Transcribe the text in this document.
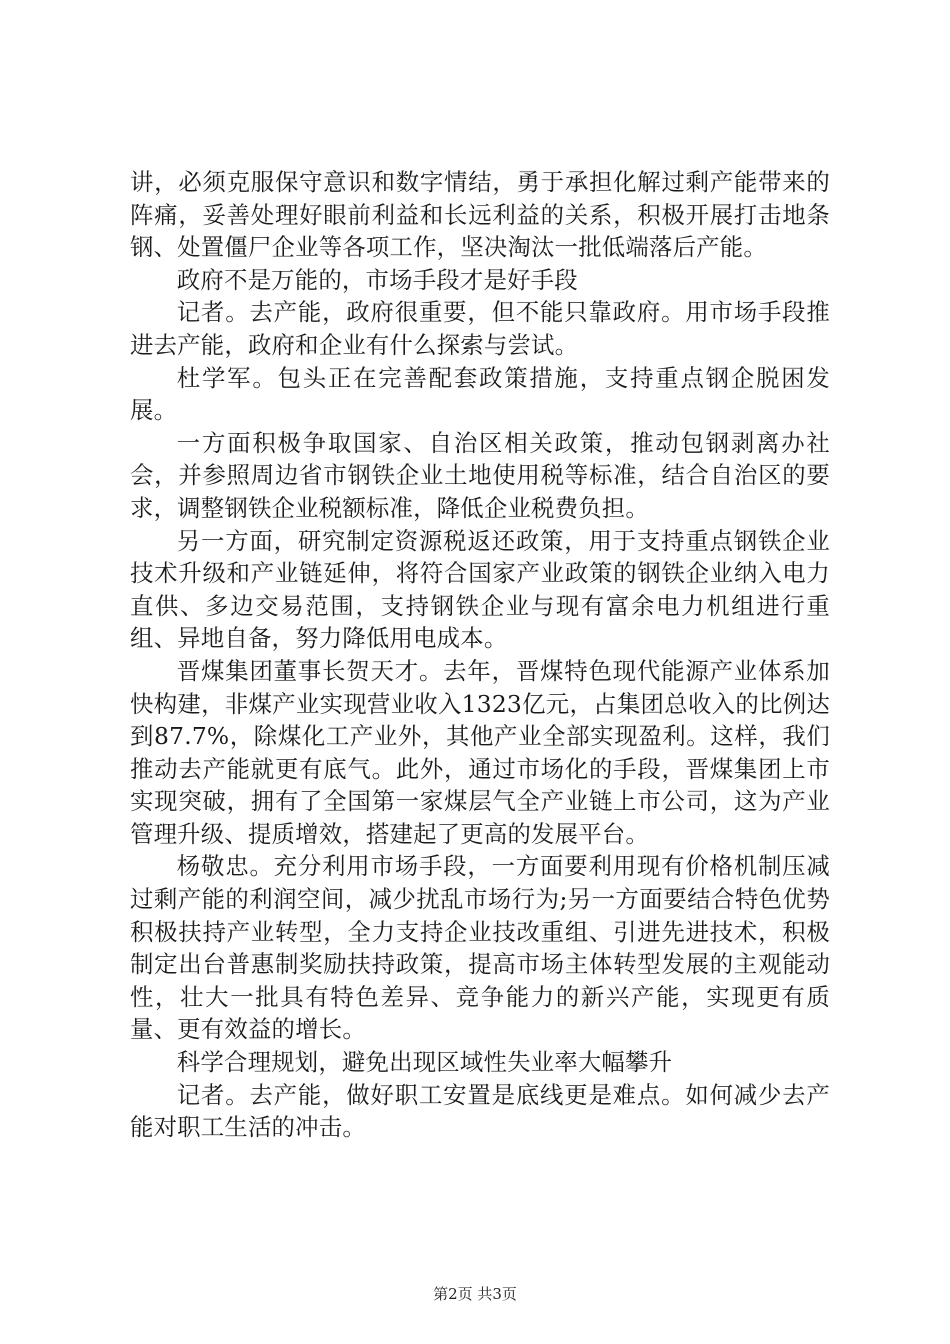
讲，必须克服保守意识和数字情结，勇于承担化解过剩产能带来的阵痛，妥善处理好眼前利益和长远利益的关系，积极开展打击地条钢、处置僵尸企业等各项工作，坚决淘汰一批低端落后产能。

政府不是万能的，市场手段才是好手段

记者。去产能，政府很重要，但不能只靠政府。用市场手段推进去产能，政府和企业有什么探索与尝试。

杜学军。包头正在完善配套政策措施，支持重点钢企脱困发展。

一方面积极争取国家、自治区相关政策，推动包钢剥离办社会，并参照周边省市钢铁企业土地使用税等标准，结合自治区的要求，调整钢铁企业税额标准，降低企业税费负担。

另一方面，研究制定资源税返还政策，用于支持重点钢铁企业技术升级和产业链延伸，将符合国家产业政策的钢铁企业纳入电力直供、多边交易范围，支持钢铁企业与现有富余电力机组进行重组、异地自备，努力降低用电成本。

晋煤集团董事长贺天才。去年，晋煤特色现代能源产业体系加快构建，非煤产业实现营业收入1323亿元，占集团总收入的比例达到87.7%，除煤化工产业外，其他产业全部实现盈利。这样，我们推动去产能就更有底气。此外，通过市场化的手段，晋煤集团上市实现突破，拥有了全国第一家煤层气全产业链上市公司，这为产业管理升级、提质增效，搭建起了更高的发展平台。

杨敬忠。充分利用市场手段，一方面要利用现有价格机制压减过剩产能的利润空间，减少扰乱市场行为;另一方面要结合特色优势积极扶持产业转型，全力支持企业技改重组、引进先进技术，积极制定出台普惠制奖励扶持政策，提高市场主体转型发展的主观能动性，壮大一批具有特色差异、竞争能力的新兴产能，实现更有质量、更有效益的增长。

科学合理规划，避免出现区域性失业率大幅攀升

记者。去产能，做好职工安置是底线更是难点。如何减少去产能对职工生活的冲击。

第2页 共3页
